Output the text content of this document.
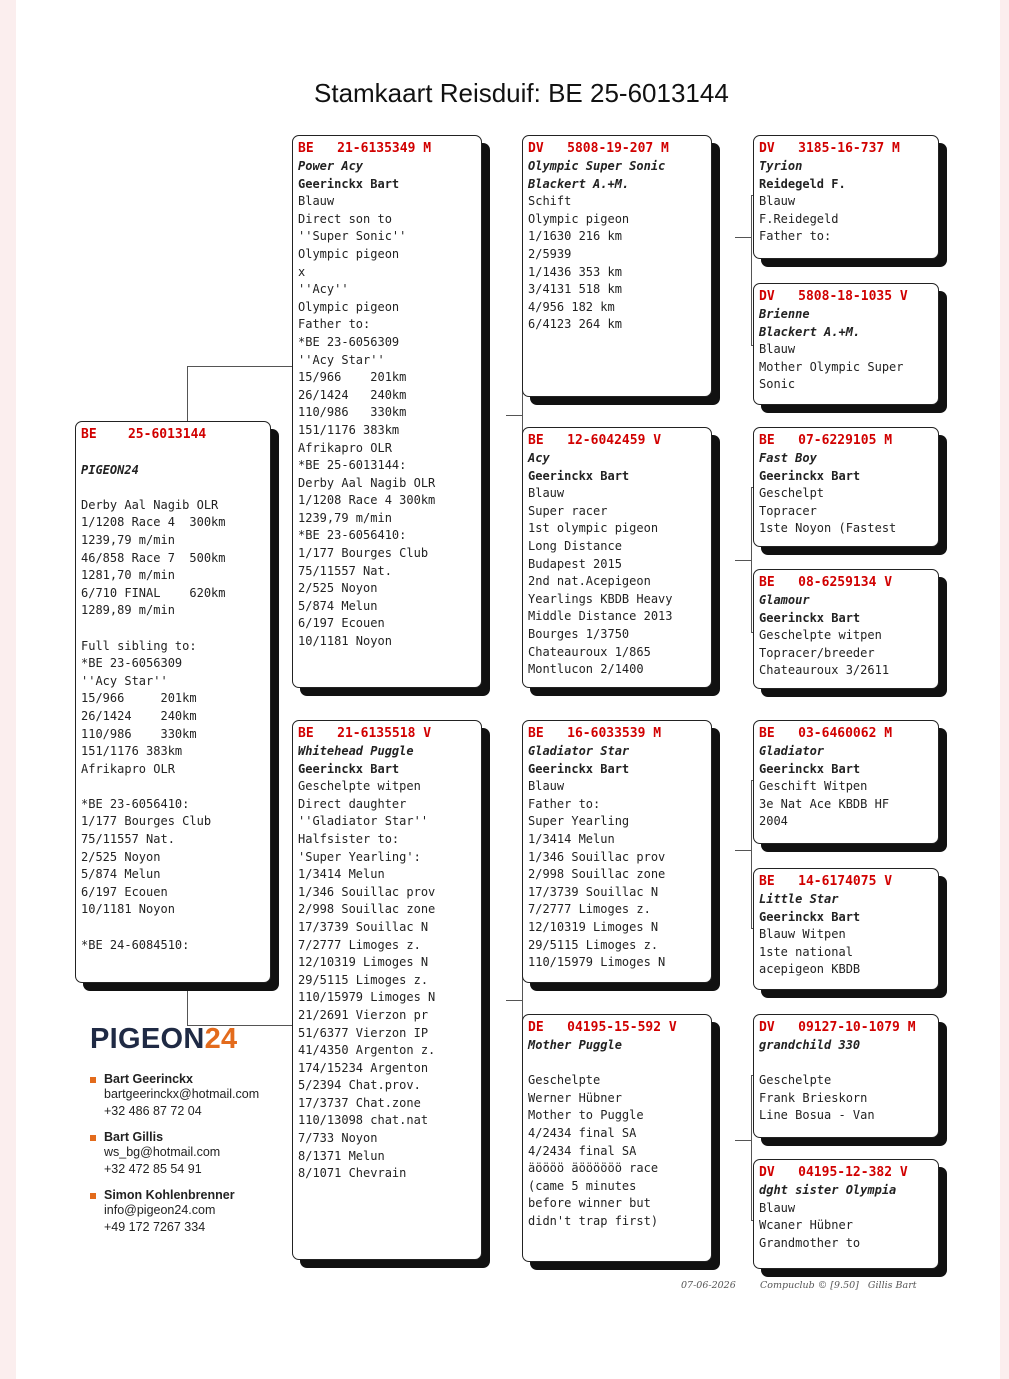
Stamkaart Reisduif: BE 25-6013144
BE    25-6013144

PIGEON24

Derby Aal Nagib OLR
1/1208 Race 4  300km
1239,79 m/min
46/858 Race 7  500km
1281,70 m/min
6/710 FINAL    620km
1289,89 m/min

Full sibling to:
*BE 23-6056309
''Acy Star''
15/966     201km
26/1424    240km
110/986    330km
151/1176 383km
Afrikapro OLR

*BE 23-6056410:
1/177 Bourges Club
75/11557 Nat.
2/525 Noyon
5/874 Melun
6/197 Ecouen
10/1181 Noyon

*BE 24-6084510:
BE   21-6135349 M
Power Acy
Geerinckx Bart
Blauw
Direct son to
''Super Sonic''
Olympic pigeon
x
''Acy''
Olympic pigeon
Father to:
*BE 23-6056309
''Acy Star''
15/966    201km
26/1424   240km
110/986   330km
151/1176 383km
Afrikapro OLR
*BE 25-6013144:
Derby Aal Nagib OLR
1/1208 Race 4 300km
1239,79 m/min
*BE 23-6056410:
1/177 Bourges Club
75/11557 Nat.
2/525 Noyon
5/874 Melun
6/197 Ecouen
10/1181 Noyon
BE   21-6135518 V
Whitehead Puggle
Geerinckx Bart
Geschelpte witpen
Direct daughter
''Gladiator Star''
Halfsister to:
'Super Yearling':
1/3414 Melun
1/346 Souillac prov
2/998 Souillac zone
17/3739 Souillac N
7/2777 Limoges z.
12/10319 Limoges N
29/5115 Limoges z.
110/15979 Limoges N
21/2691 Vierzon pr
51/6377 Vierzon IP
41/4350 Argenton z.
174/15234 Argenton
5/2394 Chat.prov.
17/3737 Chat.zone
110/13098 chat.nat
7/733 Noyon
8/1371 Melun
8/1071 Chevrain
DV   5808-19-207 M
Olympic Super Sonic
Blackert A.+M.
Schift
Olympic pigeon
1/1630 216 km
2/5939
1/1436 353 km
3/4131 518 km
4/956 182 km
6/4123 264 km
BE   12-6042459 V
Acy
Geerinckx Bart
Blauw
Super racer
1st olympic pigeon
Long Distance
Budapest 2015
2nd nat.Acepigeon
Yearlings KBDB Heavy
Middle Distance 2013
Bourges 1/3750
Chateauroux 1/865
Montlucon 2/1400
BE   16-6033539 M
Gladiator Star
Geerinckx Bart
Blauw
Father to:
Super Yearling
1/3414 Melun
1/346 Souillac prov
2/998 Souillac zone
17/3739 Souillac N
7/2777 Limoges z.
12/10319 Limoges N
29/5115 Limoges z.
110/15979 Limoges N
DE   04195-15-592 V
Mother Puggle

Geschelpte
Werner Hübner
Mother to Puggle
4/2434 final SA
4/2434 final SA
äöööö äöööööö race
(came 5 minutes
before winner but
didn't trap first)
DV   3185-16-737 M
Tyrion
Reidegeld F.
Blauw
F.Reidegeld
Father to:
DV   5808-18-1035 V
Brienne
Blackert A.+M.
Blauw
Mother Olympic Super
Sonic
BE   07-6229105 M
Fast Boy
Geerinckx Bart
Geschelpt
Topracer
1ste Noyon (Fastest
BE   08-6259134 V
Glamour
Geerinckx Bart
Geschelpte witpen
Topracer/breeder
Chateauroux 3/2611
BE   03-6460062 M
Gladiator
Geerinckx Bart
Geschift Witpen
3e Nat Ace KBDB HF
2004
BE   14-6174075 V
Little Star
Geerinckx Bart
Blauw Witpen
1ste national
acepigeon KBDB
DV   09127-10-1079 M
grandchild 330

Geschelpte
Frank Brieskorn
Line Bosua - Van
DV   04195-12-382 V
dght sister Olympia
Blauw
Wcaner Hübner
Grandmother to
PIGEON24
Bart Geerinckx
bartgeerinckx@hotmail.com
+32 486 87 72 04
Bart Gillis
ws_bg@hotmail.com
+32 472 85 54 91
Simon Kohlenbrenner
info@pigeon24.com
+49 172 7267 334
07-06-2026	Compuclub © [9.50]   Gillis Bart
